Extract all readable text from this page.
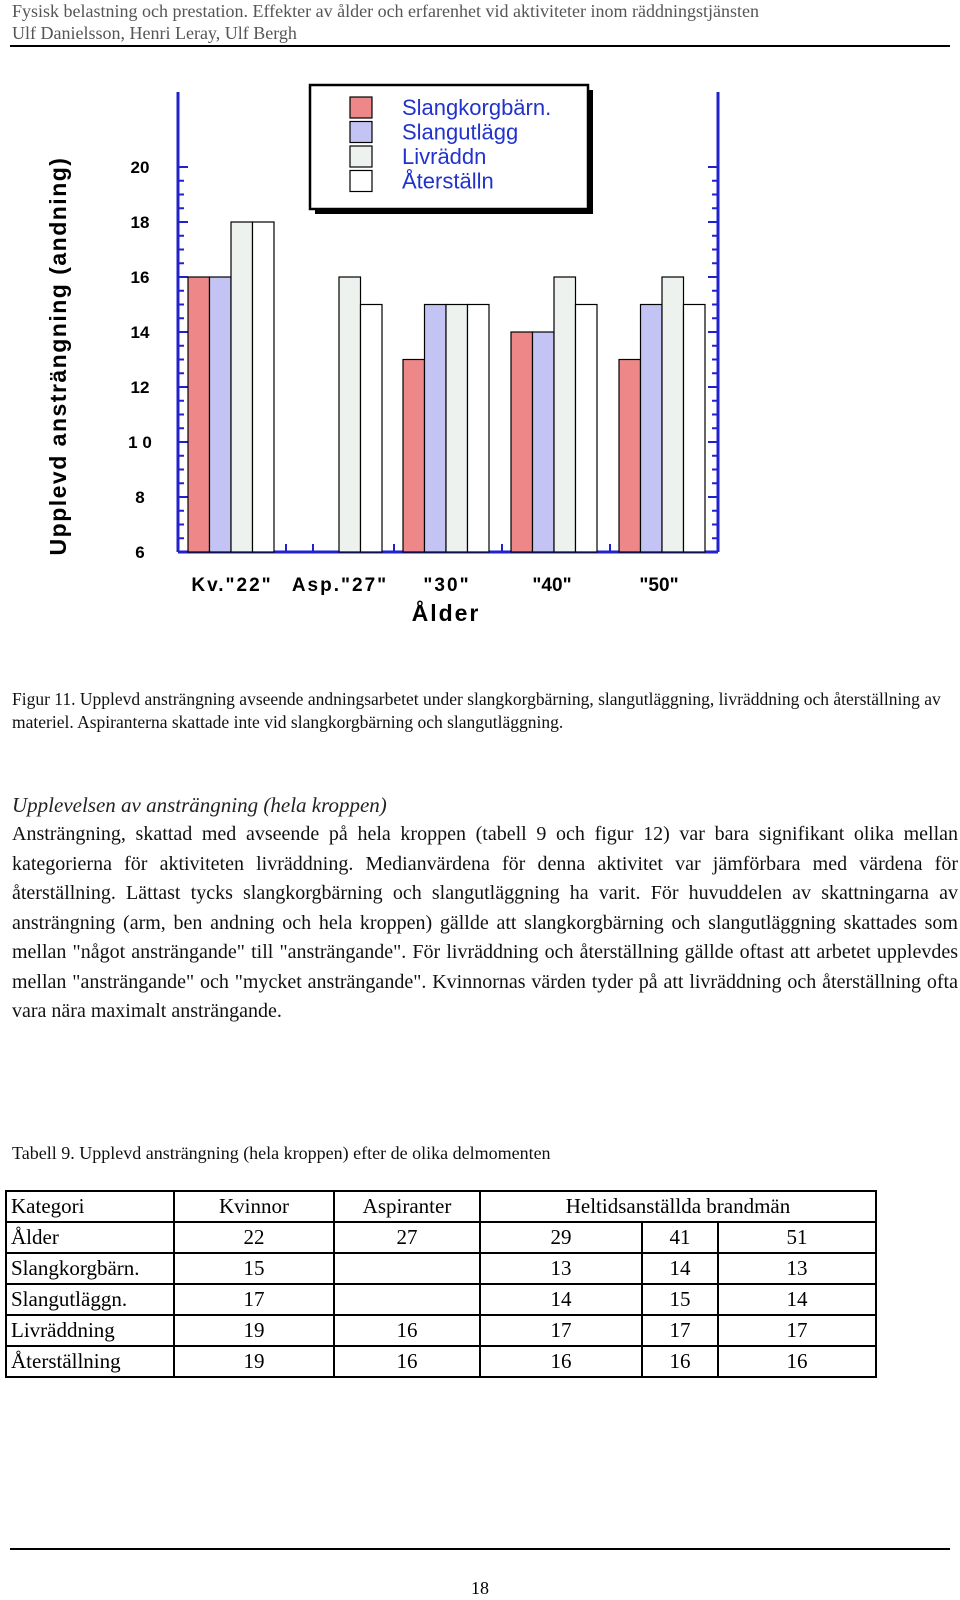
Fysisk belastning och prestation. Effekter av ålder och erfarenhet vid aktiviteter inom räddningstjänsten
Ulf Danielsson, Henri Leray, Ulf Bergh
6
8
1 0
12
14
16
18
20
Upplevd ansträngning (andning)
Kv."22" Asp."27" "30"	"40"	"50"
Ålder
Slangkorgbärn.
Slangutlägg
Livräddn
Återställn
Figur 11. Upplevd ansträngning avseende andningsarbetet under slangkorgbärning, slangutläggning, livräddning och återställning av materiel. Aspiranterna skattade inte vid slangkorgbärning och slangutläggning.
Upplevelsen av ansträngning (hela kroppen)
Ansträngning, skattad med avseende på hela kroppen (tabell 9 och figur 12) var bara signifikant olika mellan kategorierna för aktiviteten livräddning. Medianvärdena för denna aktivitet var jämförbara med värdena för återställning. Lättast tycks slangkorgbärning och slangutläggning ha varit. För huvuddelen av skattningarna av ansträngning (arm, ben andning och hela kroppen) gällde att slangkorgbärning och slangutläggning skattades som mellan "något ansträngande" till "ansträngande". För livräddning och återställning gällde oftast att arbetet upplevdes mellan "ansträngande" och "mycket ansträngande". Kvinnornas värden tyder på att livräddning och återställning ofta vara nära maximalt ansträngande.
Tabell 9. Upplevd ansträngning (hela kroppen) efter de olika delmomenten
Kategori	Kvinnor	Aspiranter	Heltidsanställda brandmän		
Ålder	22	27	29	41	51
Slangkorgbärn.	15		13	14	13
Slangutläggn.	17		14	15	14
Livräddning	19	16	17	17	17
Återställning	19	16	16	16	16
18
